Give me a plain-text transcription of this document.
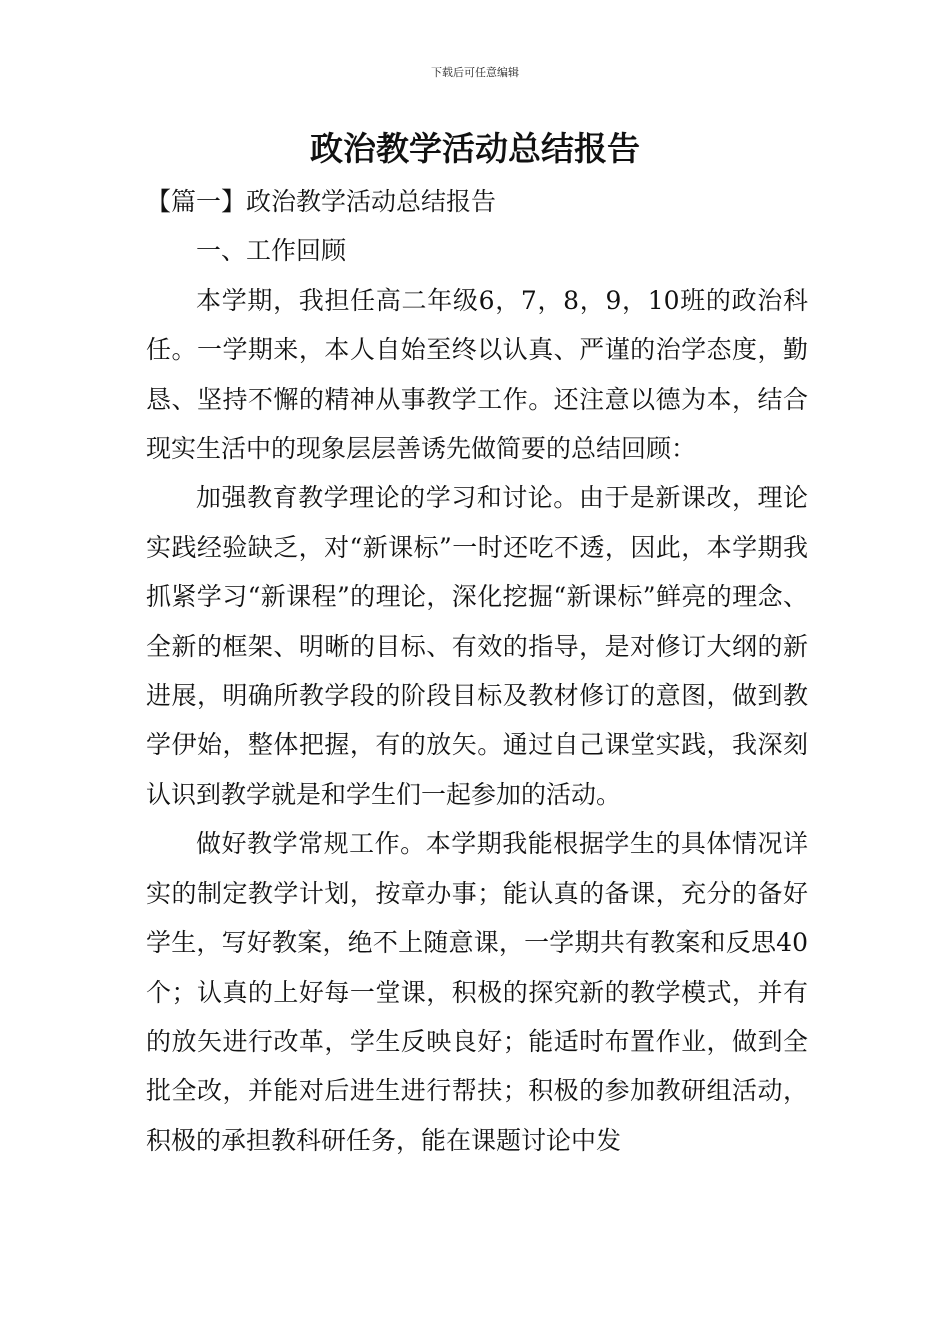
下载后可任意编辑
政治教学活动总结报告

【篇一】政治教学活动总结报告

一、工作回顾

本学期，我担任高二年级6，7，8，9，10班的政治科任。一学期来，本人自始至终以认真、严谨的治学态度，勤恳、坚持不懈的精神从事教学工作。还注意以德为本，结合现实生活中的现象层层善诱先做简要的总结回顾：

加强教育教学理论的学习和讨论。由于是新课改，理论实践经验缺乏，对“新课标”一时还吃不透，因此，本学期我抓紧学习“新课程”的理论，深化挖掘“新课标”鲜亮的理念、全新的框架、明晰的目标、有效的指导，是对修订大纲的新进展，明确所教学段的阶段目标及教材修订的意图，做到教学伊始，整体把握，有的放矢。通过自己课堂实践，我深刻认识到教学就是和学生们一起参加的活动。

做好教学常规工作。本学期我能根据学生的具体情况详实的制定教学计划，按章办事；能认真的备课，充分的备好学生，写好教案，绝不上随意课，一学期共有教案和反思40个；认真的上好每一堂课，积极的探究新的教学模式，并有的放矢进行改革，学生反映良好；能适时布置作业，做到全批全改，并能对后进生进行帮扶；积极的参加教研组活动，积极的承担教科研任务，能在课题讨论中发
